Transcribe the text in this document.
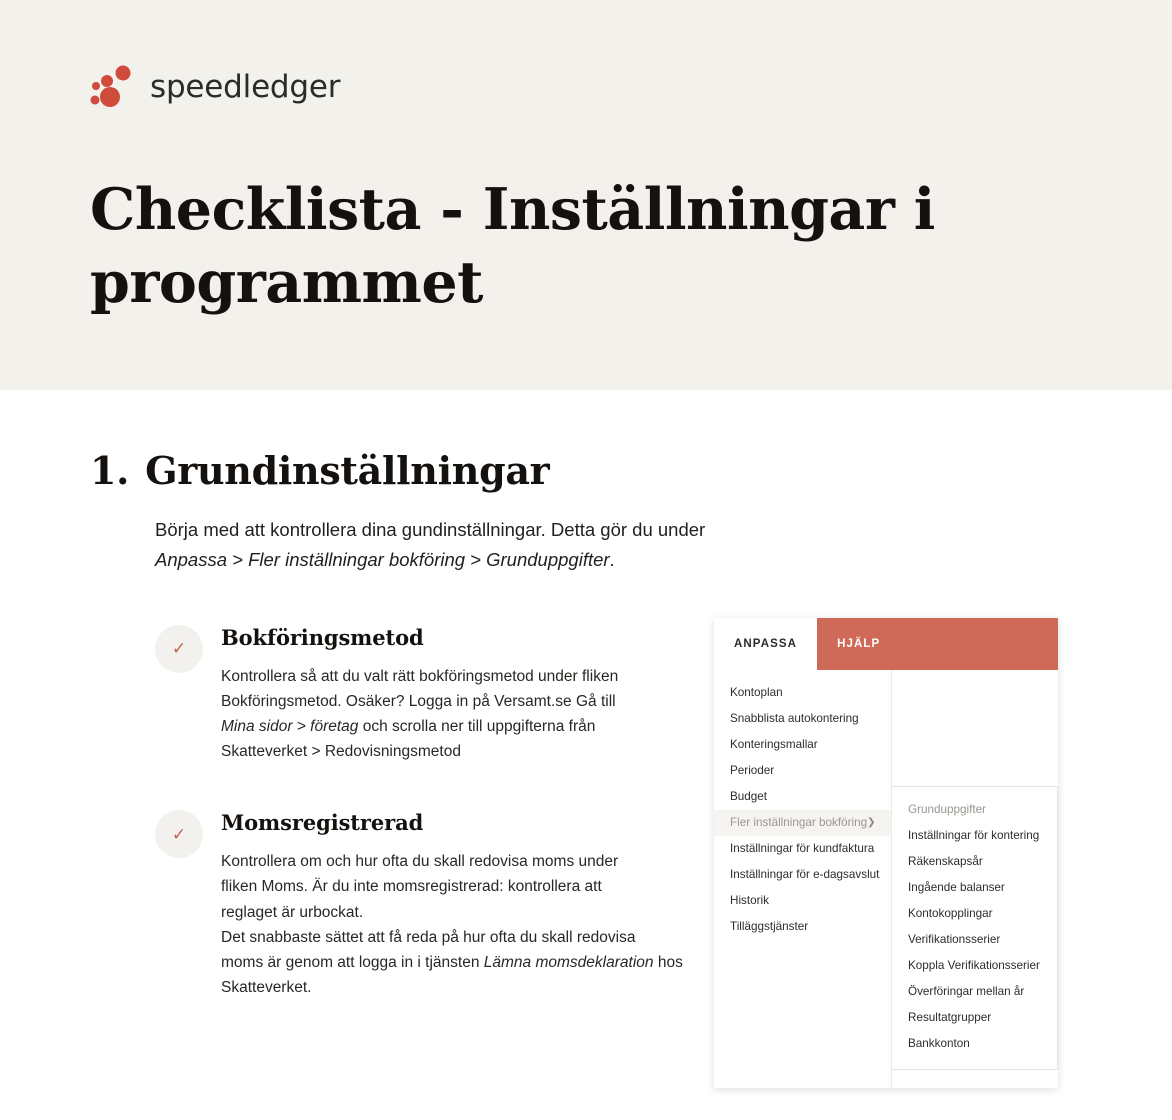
speedledger
Checklista - Inställningar i programmet
1. Grundinställningar
Börja med att kontrollera dina gundinställningar. Detta gör du under
Anpassa > Fler inställningar bokföring > Grunduppgifter.
✓	Bokföringsmetod
Kontrollera så att du valt rätt bokföringsmetod under fliken
Bokföringsmetod. Osäker? Logga in på Versamt.se Gå till
Mina sidor > företag och scrolla ner till uppgifterna från
Skatteverket > Redovisningsmetod
✓	Momsregistrerad
Kontrollera om och hur ofta du skall redovisa moms under
fliken Moms. Är du inte momsregistrerad: kontrollera att
reglaget är urbockat.
Det snabbaste sättet att få reda på hur ofta du skall redovisa
moms är genom att logga in i tjänsten Lämna momsdeklaration hos Skatteverket.
ANPASSA	HJÄLP
Kontoplan
Snabblista autokontering
Konteringsmallar
Perioder
Budget
Fler inställningar bokföring ❯
Inställningar för kundfaktura
Inställningar för e-dagsavslut
Historik
Tilläggstjänster
Grunduppgifter
Inställningar för kontering
Räkenskapsår
Ingående balanser
Kontokopplingar
Verifikationsserier
Koppla Verifikationsserier
Överföringar mellan år
Resultatgrupper
Bankkonton
